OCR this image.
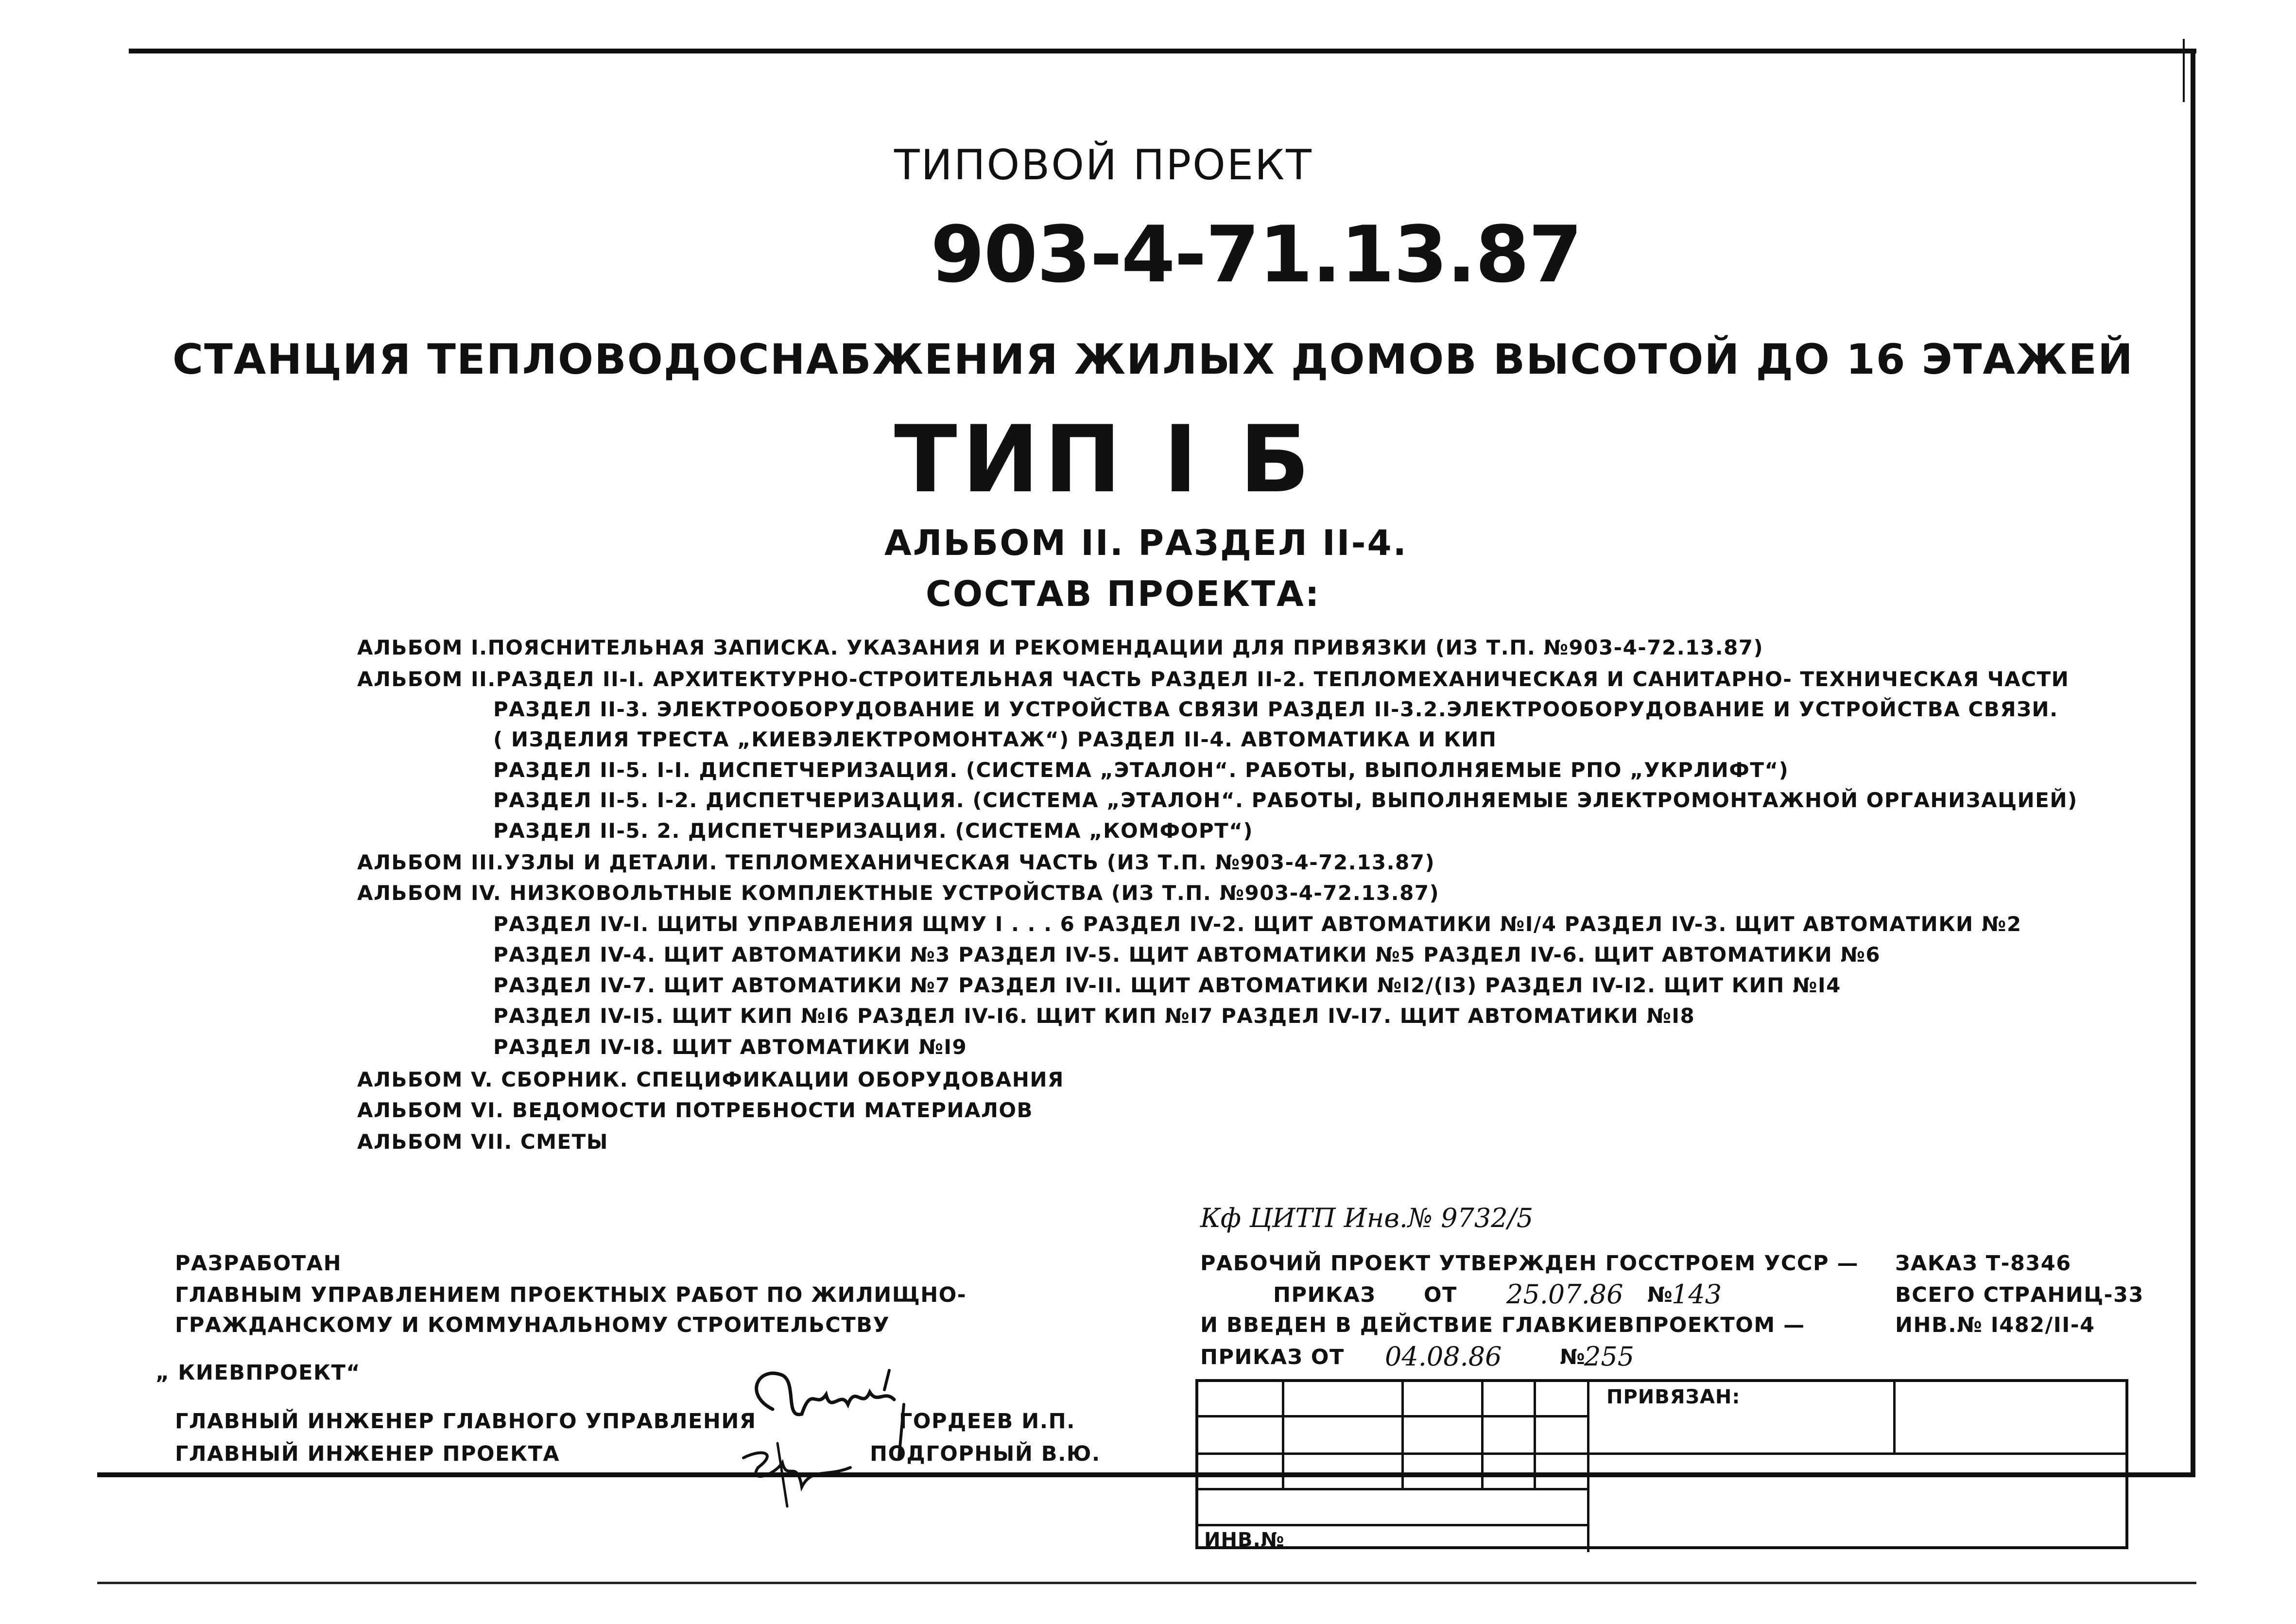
ТИПОВОЙ ПРОЕКТ
903-4-71.13.87
СТАНЦИЯ ТЕПЛОВОДОСНАБЖЕНИЯ ЖИЛЫХ ДОМОВ ВЫСОТОЙ ДО 16 ЭТАЖЕЙ
ТИП I Б
АЛЬБОМ II. РАЗДЕЛ II-4.
СОСТАВ ПРОЕКТА:
АЛЬБОМ I.ПОЯСНИТЕЛЬНАЯ ЗАПИСКА. УКАЗАНИЯ И РЕКОМЕНДАЦИИ ДЛЯ ПРИВЯЗКИ (ИЗ Т.П. №903-4-72.13.87)
АЛЬБОМ II.РАЗДЕЛ II-I. АРХИТЕКТУРНО-СТРОИТЕЛЬНАЯ ЧАСТЬ РАЗДЕЛ II-2. ТЕПЛОМЕХАНИЧЕСКАЯ И САНИТАРНО- ТЕХНИЧЕСКАЯ ЧАСТИ
РАЗДЕЛ II-3. ЭЛЕКТРООБОРУДОВАНИЕ И УСТРОЙСТВА СВЯЗИ РАЗДЕЛ II-3.2.ЭЛЕКТРООБОРУДОВАНИЕ И УСТРОЙСТВА СВЯЗИ.
( ИЗДЕЛИЯ ТРЕСТА „КИЕВЭЛЕКТРОМОНТАЖ“) РАЗДЕЛ II-4. АВТОМАТИКА И КИП
РАЗДЕЛ II-5. I-I. ДИСПЕТЧЕРИЗАЦИЯ. (СИСТЕМА „ЭТАЛОН“. РАБОТЫ, ВЫПОЛНЯЕМЫЕ РПО „УКРЛИФТ“)
РАЗДЕЛ II-5. I-2. ДИСПЕТЧЕРИЗАЦИЯ. (СИСТЕМА „ЭТАЛОН“. РАБОТЫ, ВЫПОЛНЯЕМЫЕ ЭЛЕКТРОМОНТАЖНОЙ ОРГАНИЗАЦИЕЙ)
РАЗДЕЛ II-5. 2. ДИСПЕТЧЕРИЗАЦИЯ. (СИСТЕМА „КОМФОРТ“)
АЛЬБОМ III.УЗЛЫ И ДЕТАЛИ. ТЕПЛОМЕХАНИЧЕСКАЯ ЧАСТЬ (ИЗ Т.П. №903-4-72.13.87)
АЛЬБОМ IV. НИЗКОВОЛЬТНЫЕ КОМПЛЕКТНЫЕ УСТРОЙСТВА (ИЗ Т.П. №903-4-72.13.87)
РАЗДЕЛ IV-I. ЩИТЫ УПРАВЛЕНИЯ ЩМУ I . . . 6 РАЗДЕЛ IV-2. ЩИТ АВТОМАТИКИ №I/4 РАЗДЕЛ IV-3. ЩИТ АВТОМАТИКИ №2
РАЗДЕЛ IV-4. ЩИТ АВТОМАТИКИ №3 РАЗДЕЛ IV-5. ЩИТ АВТОМАТИКИ №5 РАЗДЕЛ IV-6. ЩИТ АВТОМАТИКИ №6
РАЗДЕЛ IV-7. ЩИТ АВТОМАТИКИ №7 РАЗДЕЛ IV-II. ЩИТ АВТОМАТИКИ №I2/(I3) РАЗДЕЛ IV-I2. ЩИТ КИП №I4
РАЗДЕЛ IV-I5. ЩИТ КИП №I6 РАЗДЕЛ IV-I6. ЩИТ КИП №I7 РАЗДЕЛ IV-I7. ЩИТ АВТОМАТИКИ №I8
РАЗДЕЛ IV-I8. ЩИТ АВТОМАТИКИ №I9
АЛЬБОМ V. СБОРНИК. СПЕЦИФИКАЦИИ ОБОРУДОВАНИЯ
АЛЬБОМ VI. ВЕДОМОСТИ ПОТРЕБНОСТИ МАТЕРИАЛОВ
АЛЬБОМ VII. СМЕТЫ
РАЗРАБОТАН
ГЛАВНЫМ УПРАВЛЕНИЕМ ПРОЕКТНЫХ РАБОТ ПО ЖИЛИЩНО-
ГРАЖДАНСКОМУ И КОММУНАЛЬНОМУ СТРОИТЕЛЬСТВУ
„ КИЕВПРОЕКТ“
ГЛАВНЫЙ ИНЖЕНЕР ГЛАВНОГО УПРАВЛЕНИЯ	ГОРДЕЕВ И.П.
ГЛАВНЫЙ ИНЖЕНЕР ПРОЕКТА	ПОДГОРНЫЙ В.Ю.
Кф ЦИТП Инв.№ 9732/5
РАБОЧИЙ ПРОЕКТ УТВЕРЖДЕН ГОССТРОЕМ УССР —
ПРИКАЗ ОТ 25.07.86 №
143
И ВВЕДЕН В ДЕЙСТВИЕ ГЛАВКИЕВПРОЕКТОМ —
ПРИКАЗ ОТ 04.08.86	№
255
ЗАКАЗ Т-8346
ВСЕГО СТРАНИЦ-33
ИНВ.№ I482/II-4
ПРИВЯЗАН:
ИНВ.№
